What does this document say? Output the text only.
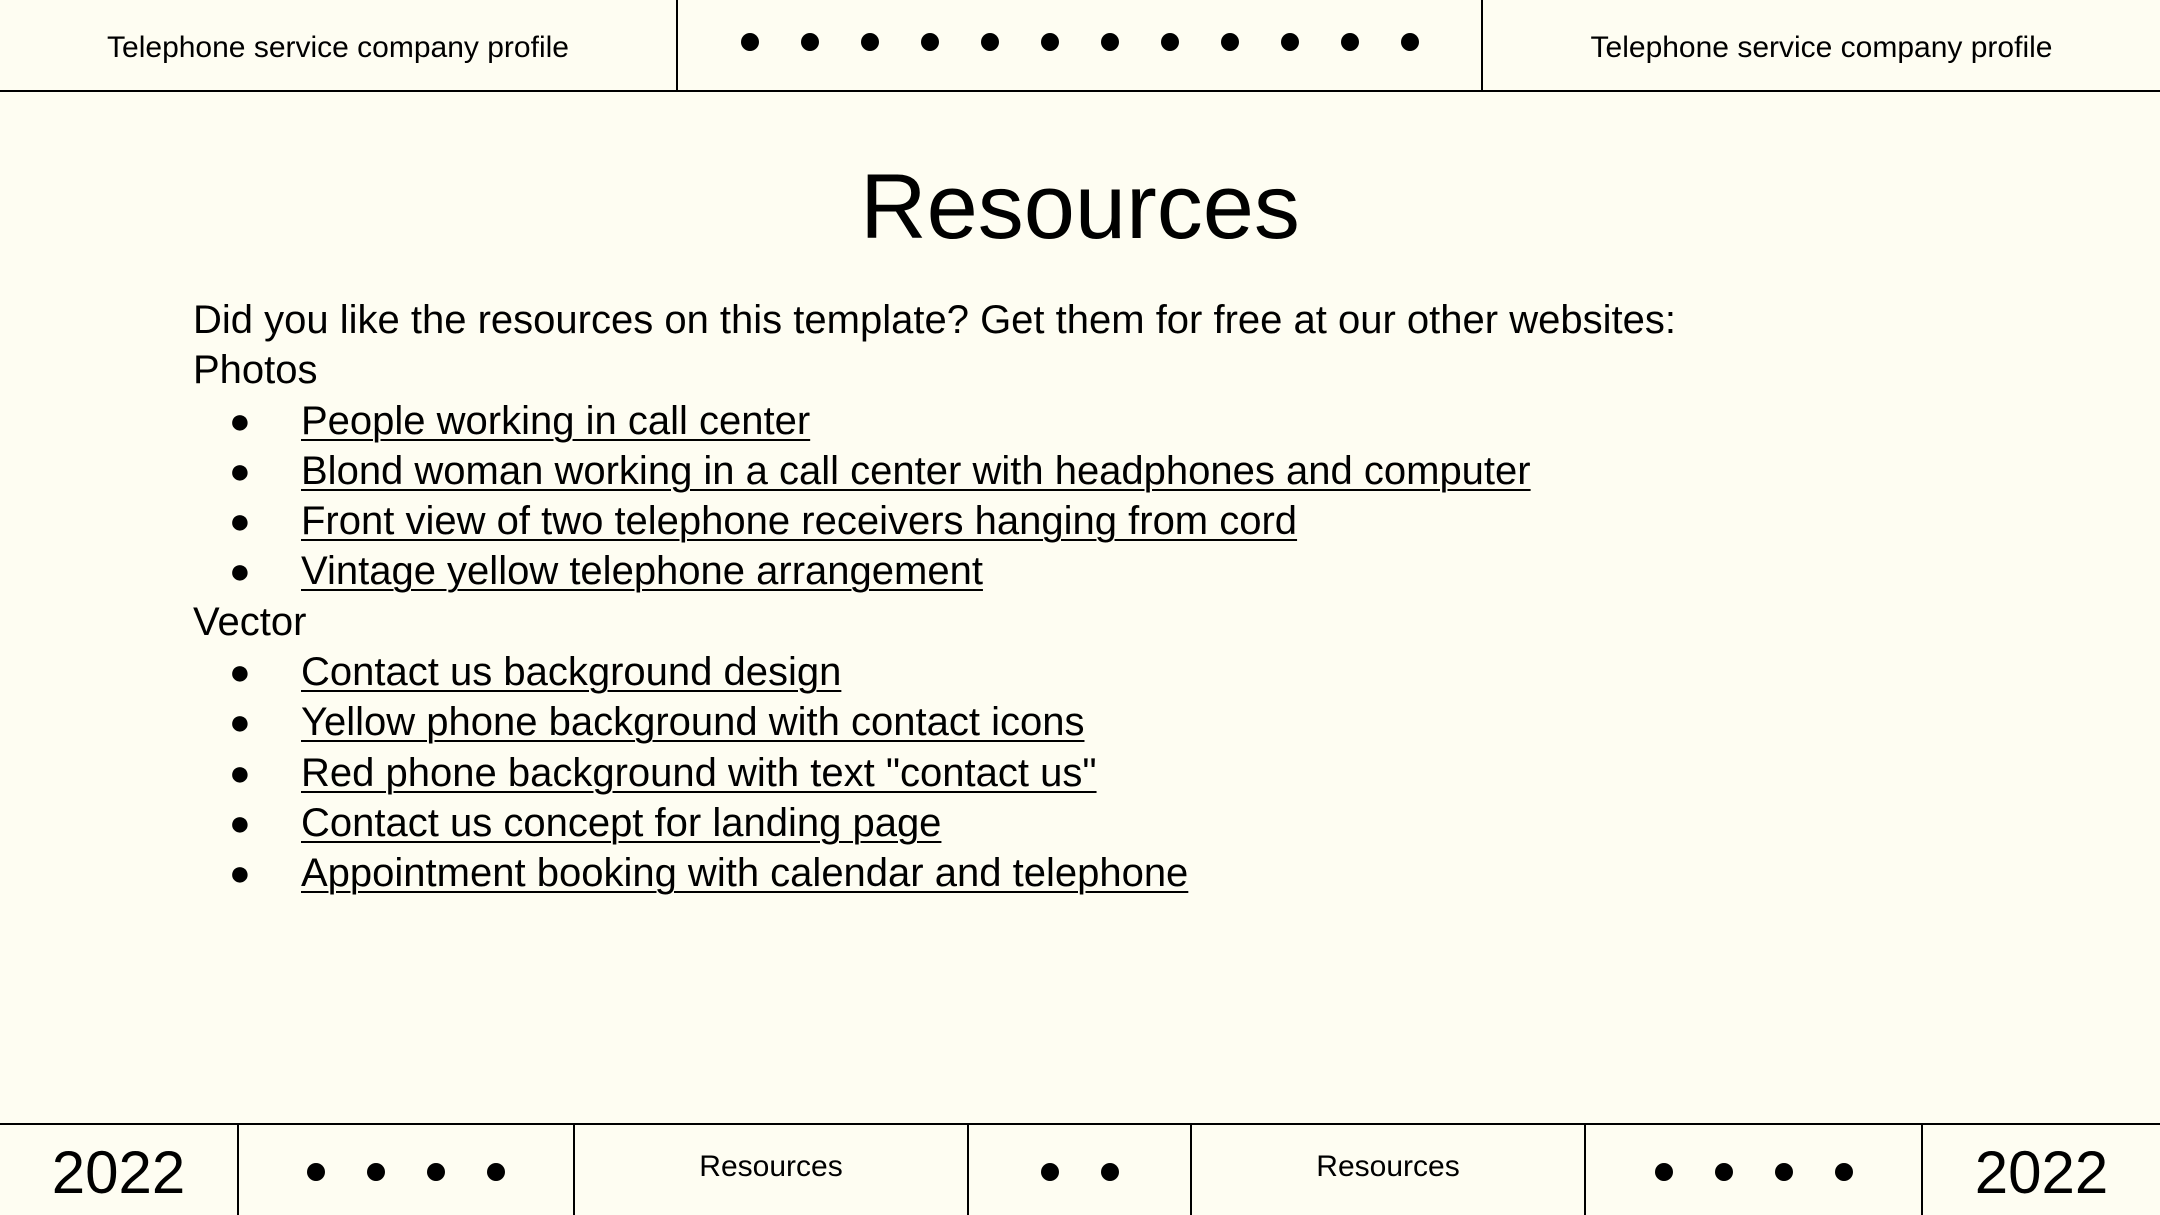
Telephone service company profile	Telephone service company profile
Resources

Did you like the resources on this template? Get them for free at our other websites:

Photos

● People working in call center
● Blond woman working in a call center with headphones and computer
● Front view of two telephone receivers hanging from cord
● Vintage yellow telephone arrangement

Vector

● Contact us background design
● Yellow phone background with contact icons
● Red phone background with text "contact us"
● Contact us concept for landing page
● Appointment booking with calendar and telephone
2022	Resources	Resources	2022
